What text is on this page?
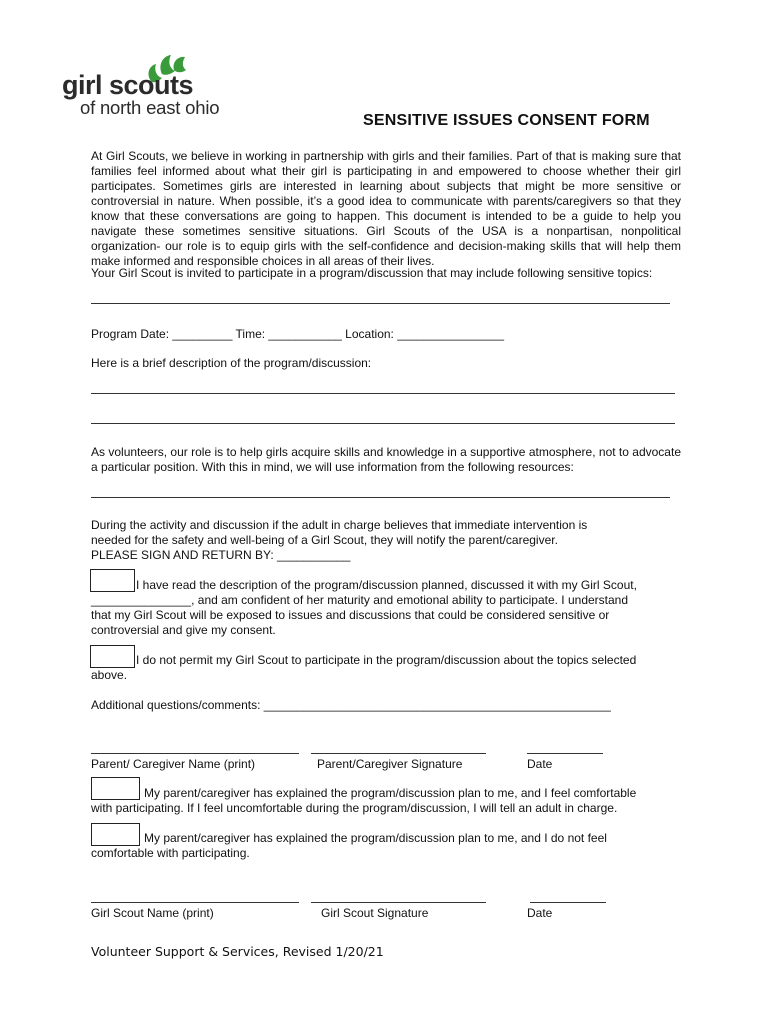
girl scouts
of north east ohio
SENSITIVE ISSUES CONSENT FORM
At Girl Scouts, we believe in working in partnership with girls and their families. Part of that is making sure that families feel informed about what their girl is participating in and empowered to choose whether their girl participates. Sometimes girls are interested in learning about subjects that might be more sensitive or controversial in nature. When possible, it’s a good idea to communicate with parents/caregivers so that they know that these conversations are going to happen. This document is intended to be a guide to help you navigate these sometimes sensitive situations. Girl Scouts of the USA is a nonpartisan, nonpolitical organization- our role is to equip girls with the self-confidence and decision-making skills that will help them make informed and responsible choices in all areas of their lives.
Your Girl Scout is invited to participate in a program/discussion that may include following sensitive topics:
Program Date: _________ Time: ___________ Location: ________________
Here is a brief description of the program/discussion:
As volunteers, our role is to help girls acquire skills and knowledge in a supportive atmosphere, not to advocate a particular position. With this in mind, we will use information from the following resources:
During the activity and discussion if the adult in charge believes that immediate intervention is
needed for the safety and well-being of a Girl Scout, they will notify the parent/caregiver.
PLEASE SIGN AND RETURN BY: ___________
I have read the description of the program/discussion planned, discussed it with my Girl Scout,
_______________, and am confident of her maturity and emotional ability to participate. I understand
that my Girl Scout will be exposed to issues and discussions that could be considered sensitive or
controversial and give my consent.
I do not permit my Girl Scout to participate in the program/discussion about the topics selected
above.
Additional questions/comments: ____________________________________________________
Parent/ Caregiver Name (print)	Parent/Caregiver Signature	Date
My parent/caregiver has explained the program/discussion plan to me, and I feel comfortable
with participating. If I feel uncomfortable during the program/discussion, I will tell an adult in charge.
My parent/caregiver has explained the program/discussion plan to me, and I do not feel
comfortable with participating.
Girl Scout Name (print)	Girl Scout Signature	Date
Volunteer Support & Services, Revised 1/20/21
